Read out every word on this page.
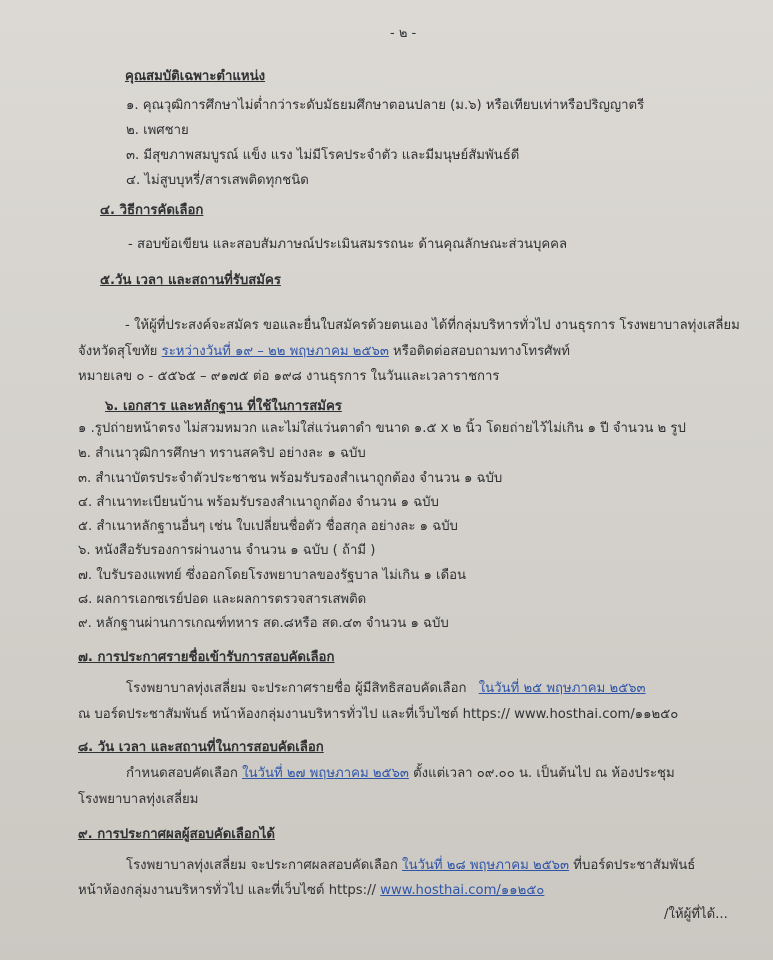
- ๒ -
คุณสมบัติเฉพาะตำแหน่ง
๑. คุณวุฒิการศึกษาไม่ต่ำกว่าระดับมัธยมศึกษาตอนปลาย (ม.๖) หรือเทียบเท่าหรือปริญญาตรี
๒. เพศชาย
๓. มีสุขภาพสมบูรณ์ แข็ง แรง ไม่มีโรคประจำตัว และมีมนุษย์สัมพันธ์ดี
๔. ไม่สูบบุหรี่/สารเสพติดทุกชนิด
๔. วิธีการคัดเลือก
- สอบข้อเขียน และสอบสัมภาษณ์ประเมินสมรรถนะ ด้านคุณลักษณะส่วนบุคคล
๕.วัน เวลา และสถานที่รับสมัคร
- ให้ผู้ที่ประสงค์จะสมัคร ขอและยื่นใบสมัครด้วยตนเอง ได้ที่กลุ่มบริหารทั่วไป งานธุรการ โรงพยาบาลทุ่งเสลี่ยม
จังหวัดสุโขทัย ระหว่างวันที่ ๑๙ – ๒๒ พฤษภาคม ๒๕๖๓ หรือติดต่อสอบถามทางโทรศัพท์
หมายเลข ๐ - ๕๕๖๕ – ๙๑๗๕ ต่อ ๑๙๘ งานธุรการ ในวันและเวลาราชการ
๖. เอกสาร และหลักฐาน ที่ใช้ในการสมัคร
๑ .รูปถ่ายหน้าตรง ไม่สวมหมวก และไม่ใส่แว่นตาดำ ขนาด ๑.๕ x ๒ นิ้ว โดยถ่ายไว้ไม่เกิน ๑ ปี จำนวน ๒ รูป
๒. สำเนาวุฒิการศึกษา ทรานสคริป อย่างละ ๑ ฉบับ
๓. สำเนาบัตรประจำตัวประชาชน พร้อมรับรองสำเนาถูกต้อง จำนวน ๑ ฉบับ
๔. สำเนาทะเบียนบ้าน พร้อมรับรองสำเนาถูกต้อง จำนวน ๑ ฉบับ
๕. สำเนาหลักฐานอื่นๆ เช่น ใบเปลี่ยนชื่อตัว ชื่อสกุล อย่างละ ๑ ฉบับ
๖. หนังสือรับรองการผ่านงาน จำนวน ๑ ฉบับ ( ถ้ามี )
๗. ใบรับรองแพทย์ ซึ่งออกโดยโรงพยาบาลของรัฐบาล ไม่เกิน ๑ เดือน
๘. ผลการเอกซเรย์ปอด และผลการตรวจสารเสพติด
๙. หลักฐานผ่านการเกณฑ์ทหาร สด.๘หรือ สด.๔๓ จำนวน ๑ ฉบับ
๗. การประกาศรายชื่อเข้ารับการสอบคัดเลือก
โรงพยาบาลทุ่งเสลี่ยม จะประกาศรายชื่อ ผู้มีสิทธิสอบคัดเลือก ในวันที่ ๒๕ พฤษภาคม ๒๕๖๓
ณ บอร์ดประชาสัมพันธ์ หน้าห้องกลุ่มงานบริหารทั่วไป และที่เว็บไซต์ https:// www.hosthai.com/๑๑๒๕๐
๘. วัน เวลา และสถานที่ในการสอบคัดเลือก
กำหนดสอบคัดเลือก ในวันที่ ๒๗ พฤษภาคม ๒๕๖๓ ตั้งแต่เวลา ๐๙.๐๐ น. เป็นต้นไป ณ ห้องประชุม
โรงพยาบาลทุ่งเสลี่ยม
๙. การประกาศผลผู้สอบคัดเลือกได้
โรงพยาบาลทุ่งเสลี่ยม จะประกาศผลสอบคัดเลือก ในวันที่ ๒๘ พฤษภาคม ๒๕๖๓ ที่บอร์ดประชาสัมพันธ์
หน้าห้องกลุ่มงานบริหารทั่วไป และที่เว็บไซต์ https:// www.hosthai.com/๑๑๒๕๐
/ให้ผู้ที่ได้...
